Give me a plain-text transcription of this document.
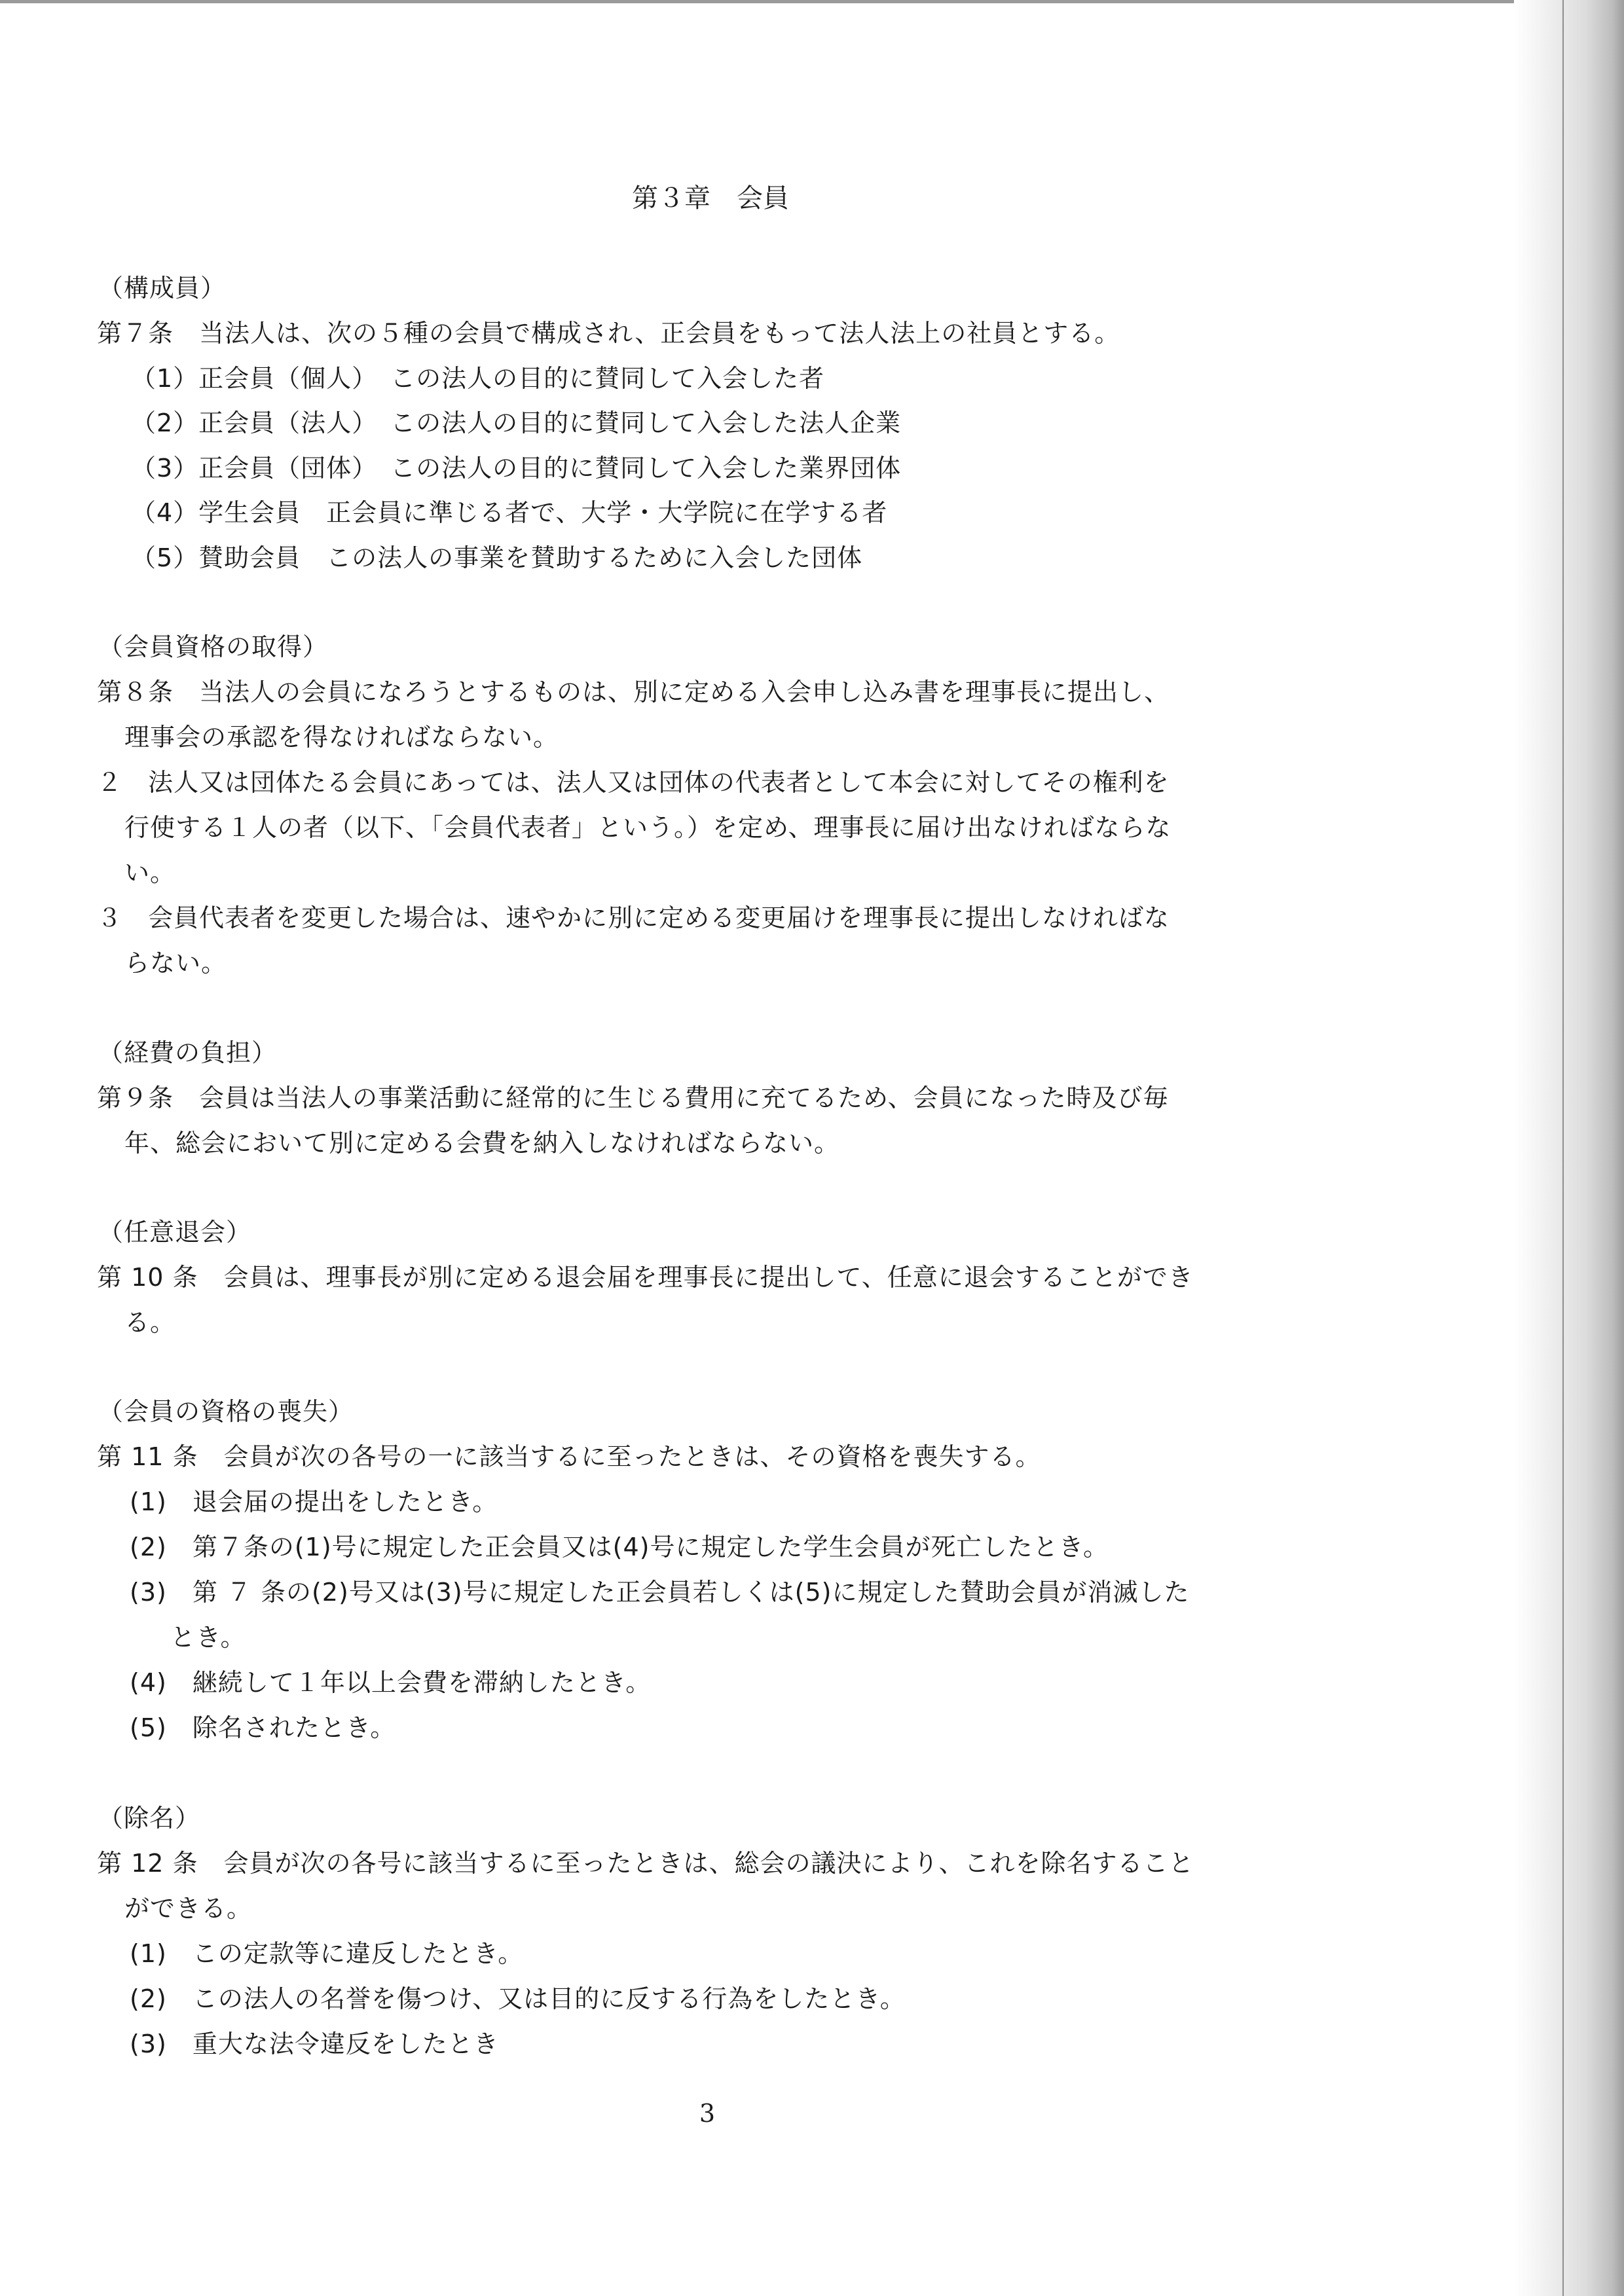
第３章　会員
（構成員）
第７条　当法人は、次の５種の会員で構成され、正会員をもって法人法上の社員とする。
（1）正会員（個人）　この法人の目的に賛同して入会した者
（2）正会員（法人）　この法人の目的に賛同して入会した法人企業
（3）正会員（団体）　この法人の目的に賛同して入会した業界団体
（4）学生会員　正会員に準じる者で、大学・大学院に在学する者
（5）賛助会員　この法人の事業を賛助するために入会した団体
（会員資格の取得）
第８条　当法人の会員になろうとするものは、別に定める入会申し込み書を理事長に提出し、
理事会の承認を得なければならない。
２　法人又は団体たる会員にあっては、法人又は団体の代表者として本会に対してその権利を
行使する１人の者（以下、「会員代表者」という。）を定め、理事長に届け出なければならな
い。
３　会員代表者を変更した場合は、速やかに別に定める変更届けを理事長に提出しなければな
らない。
（経費の負担）
第９条　会員は当法人の事業活動に経常的に生じる費用に充てるため、会員になった時及び毎
年、総会において別に定める会費を納入しなければならない。
（任意退会）
第 10 条　会員は、理事長が別に定める退会届を理事長に提出して、任意に退会することができ
る。
（会員の資格の喪失）
第 11 条　会員が次の各号の一に該当するに至ったときは、その資格を喪失する。
(1)　退会届の提出をしたとき。
(2)　第７条の(1)号に規定した正会員又は(4)号に規定した学生会員が死亡したとき。
(3)　第 ７ 条の(2)号又は(3)号に規定した正会員若しくは(5)に規定した賛助会員が消滅した
とき。
(4)　継続して１年以上会費を滞納したとき。
(5)　除名されたとき。
（除名）
第 12 条　会員が次の各号に該当するに至ったときは、総会の議決により、これを除名すること
ができる。
(1)　この定款等に違反したとき。
(2)　この法人の名誉を傷つけ、又は目的に反する行為をしたとき。
(3)　重大な法令違反をしたとき
3
